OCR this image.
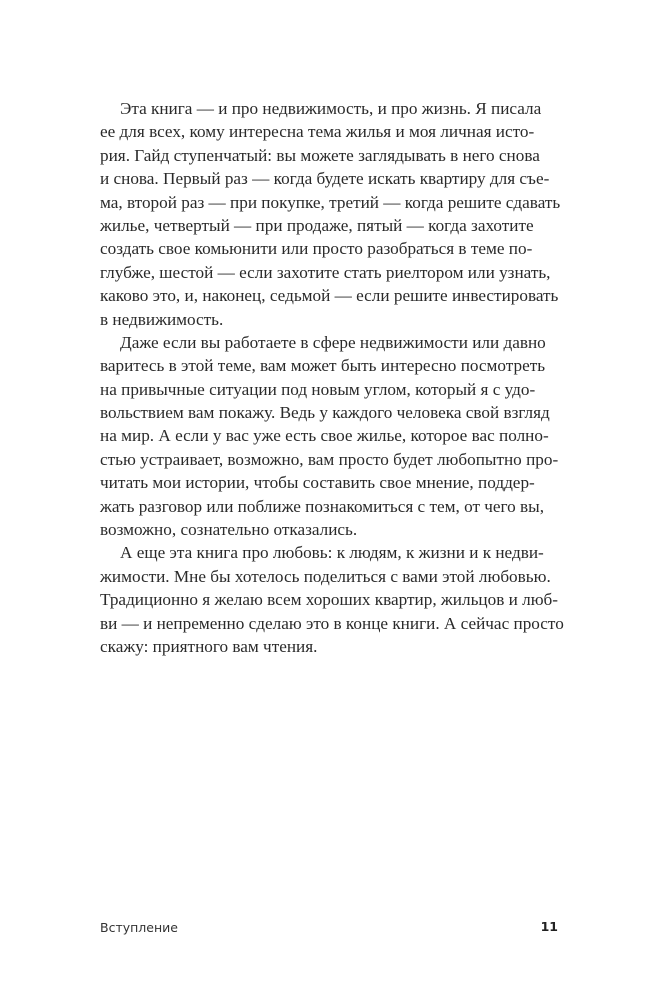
Эта книга — и про недвижимость, и про жизнь. Я писала
ее для всех, кому интересна тема жилья и моя личная исто-
рия. Гайд ступенчатый: вы можете заглядывать в него снова
и снова. Первый раз — когда будете искать квартиру для съе-
ма, второй раз — при покупке, третий — когда решите сдавать
жилье, четвертый — при продаже, пятый — когда захотите
создать свое комьюнити или просто разобраться в теме по-
глубже, шестой — если захотите стать риелтором или узнать,
каково это, и, наконец, седьмой — если решите инвестировать
в недвижимость.
Даже если вы работаете в сфере недвижимости или давно
варитесь в этой теме, вам может быть интересно посмотреть
на привычные ситуации под новым углом, который я с удо-
вольствием вам покажу. Ведь у каждого человека свой взгляд
на мир. А если у вас уже есть свое жилье, которое вас полно-
стью устраивает, возможно, вам просто будет любопытно про-
читать мои истории, чтобы составить свое мнение, поддер-
жать разговор или поближе познакомиться с тем, от чего вы,
возможно, сознательно отказались.
А еще эта книга про любовь: к людям, к жизни и к недви-
жимости. Мне бы хотелось поделиться с вами этой любовью.
Традиционно я желаю всем хороших квартир, жильцов и люб-
ви — и непременно сделаю это в конце книги. А сейчас просто
скажу: приятного вам чтения.
Вступление	11
